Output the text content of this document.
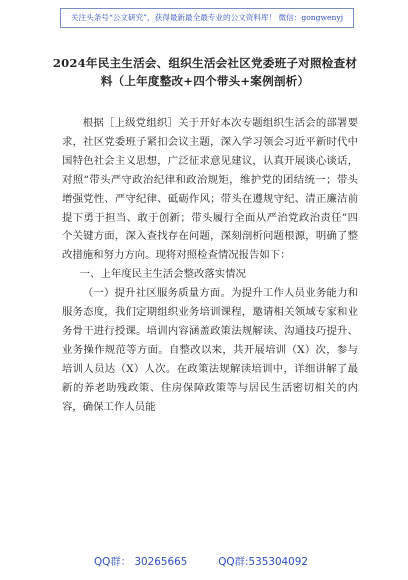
关注头条号“公文研究”，获得最新最全最专业的公文资料库！ 微信：gongwenyj
2024年民主生活会、组织生活会社区党委班子对照检查材
料（上年度整改+四个带头+案例剖析）

根据［上级党组织］关于开好本次专题组织生活会的部署要求，社区党委班子紧扣会议主题，深入学习领会习近平新时代中国特色社会主义思想，广泛征求意见建议，认真开展谈心谈话，对照“带头严守政治纪律和政治规矩，维护党的团结统一；带头增强党性、严守纪律、砥砺作风；带头在遵规守纪、清正廉洁前提下勇于担当、敢于创新；带头履行全面从严治党政治责任”四个关键方面，深入查找存在问题，深刻剖析问题根源，明确了整改措施和努力方向。现将对照检查情况报告如下：

一、上年度民主生活会整改落实情况

（一）提升社区服务质量方面。为提升工作人员业务能力和服务态度，我们定期组织业务培训课程，邀请相关领域专家和业务骨干进行授课。培训内容涵盖政策法规解读、沟通技巧提升、业务操作规范等方面。自整改以来，共开展培训（X）次，参与培训人员达（X）人次。在政策法规解读培训中，详细讲解了最新的养老助残政策、住房保障政策等与居民生活密切相关的内容，确保工作人员能

QQ群： 30265665	QQ群:535304092
